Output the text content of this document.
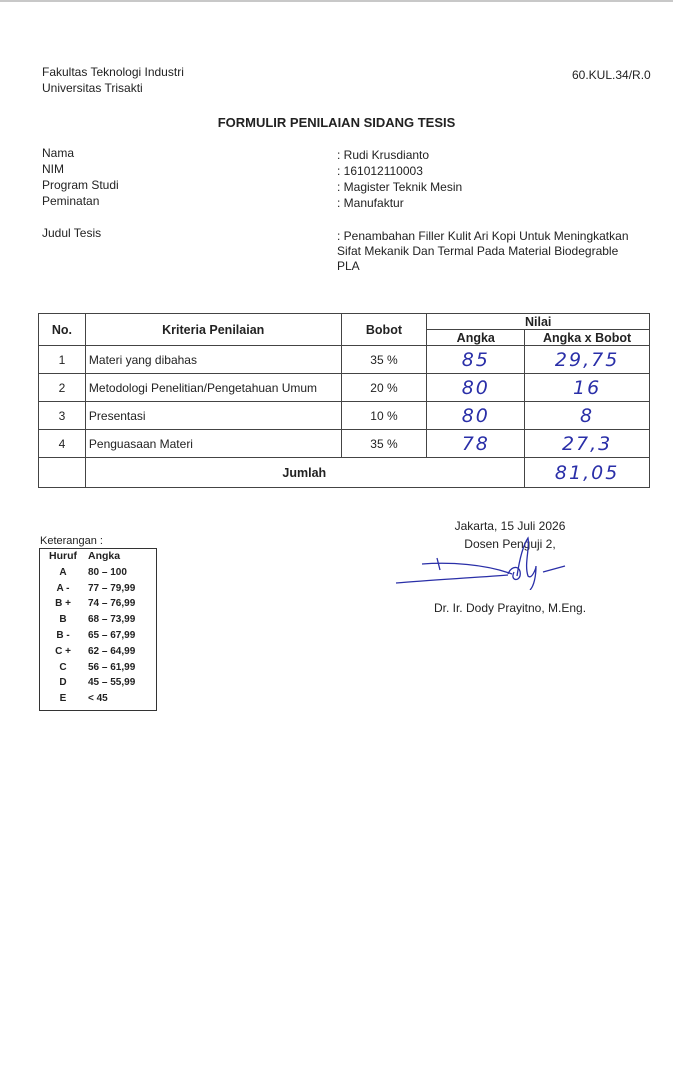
Fakultas Teknologi Industri
Universitas Trisakti
60.KUL.34/R.0
FORMULIR PENILAIAN SIDANG TESIS
Nama	: Rudi Krusdianto
NIM	: 161012110003
Program Studi	: Magister Teknik Mesin
Peminatan	: Manufaktur
Judul Tesis	: Penambahan Filler Kulit Ari Kopi Untuk Meningkatkan Sifat Mekanik Dan Termal Pada Material Biodegrable PLA
No.	Kriteria Penilaian	Bobot	Nilai	
			Angka	Angka x Bobot
1	Materi yang dibahas	35 %	85	29,75
2	Metodologi Penelitian/Pengetahuan Umum	20 %	80	16
3	Presentasi	10 %	80	8
4	Penguasaan Materi	35 %	78	27,3
	Jumlah			81,05
Keterangan :
Huruf	Angka
A	80 – 100
A -	77 – 79,99
B +	74 – 76,99
B	68 – 73,99
B -	65 – 67,99
C +	62 – 64,99
C	56 – 61,99
D	45 – 55,99
E	< 45
Jakarta, 15 Juli 2026
Dosen Penguji 2,
Dr. Ir. Dody Prayitno, M.Eng.
